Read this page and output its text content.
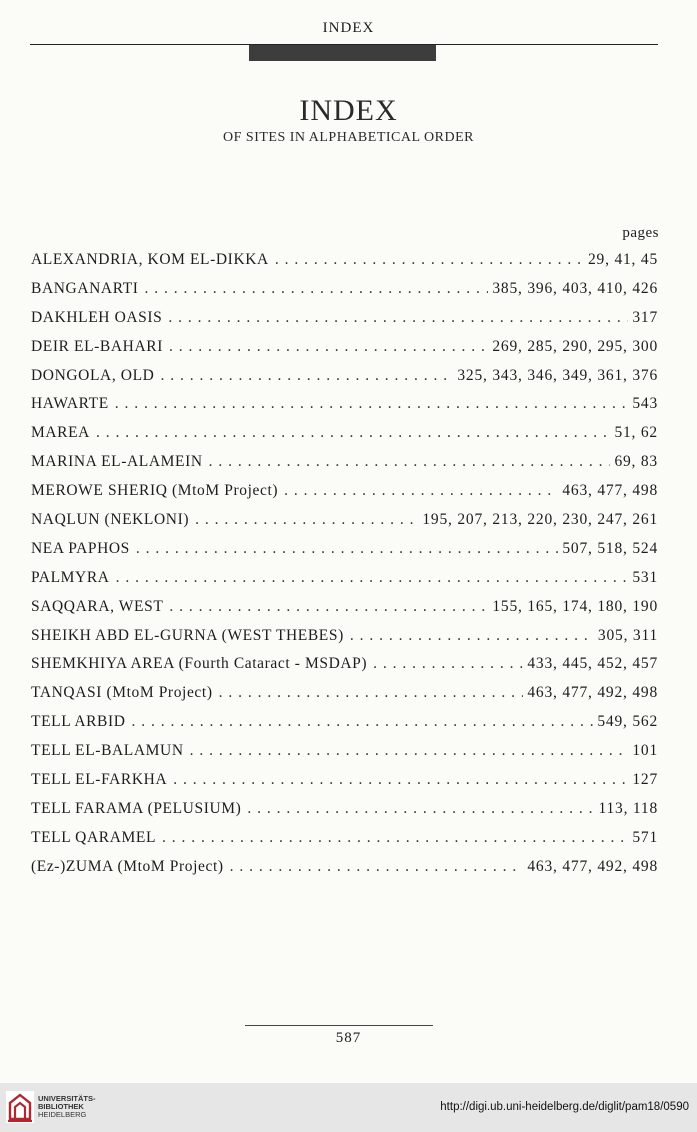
INDEX
INDEX
OF SITES IN ALPHABETICAL ORDER
pages
ALEXANDRIA, KOM EL-DIKKA . . .	29, 41, 45
BANGANARTI . . .	385, 396, 403, 410, 426
DAKHLEH OASIS . . .	317
DEIR EL-BAHARI . . .	269, 285, 290, 295, 300
DONGOLA, OLD . . .	325, 343, 346, 349, 361, 376
HAWARTE . . .	543
MAREA . . .	51, 62
MARINA EL-ALAMEIN . . .	69, 83
MEROWE SHERIQ (MtoM Project) . . .	463, 477, 498
NAQLUN (NEKLONI) . . .	195, 207, 213, 220, 230, 247, 261
NEA PAPHOS . . .	507, 518, 524
PALMYRA . . .	531
SAQQARA, WEST . . .	155, 165, 174, 180, 190
SHEIKH ABD EL-GURNA (WEST THEBES) . . .	305, 311
SHEMKHIYA AREA (Fourth Cataract - MSDAP) . . .	433, 445, 452, 457
TANQASI (MtoM Project) . . .	463, 477, 492, 498
TELL ARBID . . .	549, 562
TELL EL-BALAMUN . . .	101
TELL EL-FARKHA . . .	127
TELL FARAMA (PELUSIUM) . . .	113, 118
TELL QARAMEL . . .	571
(Ez-)ZUMA (MtoM Project) . . .	463, 477, 492, 498
587
UNIVERSITÄTS-
BIBLIOTHEK
HEIDELBERG
http://digi.ub.uni-heidelberg.de/diglit/pam18/0590
